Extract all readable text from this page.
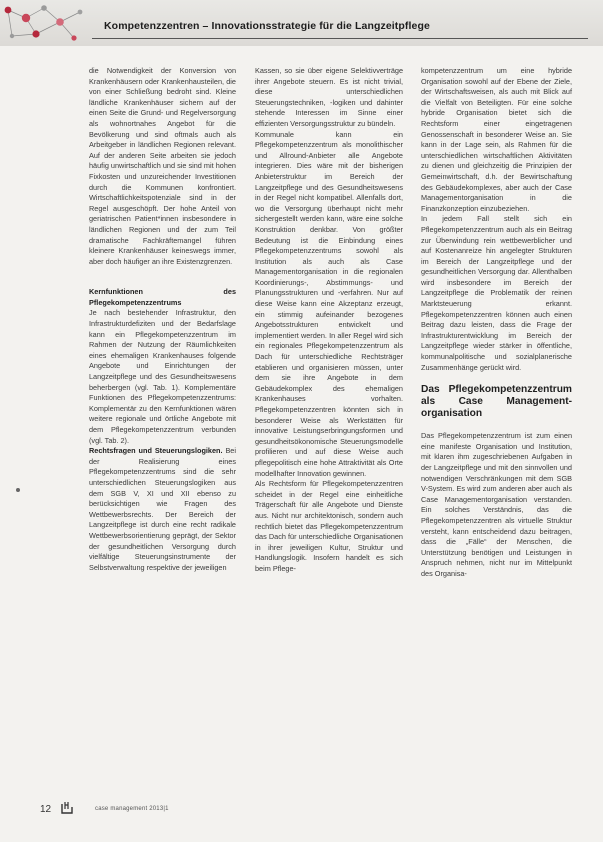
Kompetenzzentren – Innovationsstrategie für die Langzeitpflege

die Notwendigkeit der Konversion von Krankenhäusern oder Krankenhausteilen, die von einer Schließung bedroht sind. Kleine ländliche Krankenhäuser sichern auf der einen Seite die Grund- und Regelversorgung als wohnortnahes Angebot für die Bevölkerung und sind oftmals auch als Arbeitgeber in ländlichen Regionen relevant. Auf der anderen Seite arbeiten sie jedoch häufig unwirtschaftlich und sie sind mit hohen Fixkosten und unzureichender Investitionen durch die Kommunen konfrontiert. Wirtschaftlichkeitspotenziale sind in der Regel ausgeschöpft. Der hohe Anteil von geriatrischen Patient*innen insbesondere in ländlichen Regionen und der zum Teil dramatische Fachkräftemangel führen kleinere Krankenhäuser keineswegs immer, aber doch häufiger an ihre Existenzgrenzen.

Kernfunktionen des Pflegekompetenzzentrums

Je nach bestehender Infrastruktur, den Infrastrukturdefiziten und der Bedarfslage kann ein Pflegekompetenzzentrum im Rahmen der Nutzung der Räumlichkeiten eines ehemaligen Krankenhauses folgende Angebote und Einrichtungen der Langzeitpflege und des Gesundheitswesens beherbergen (vgl. Tab. 1). Komplementäre Funktionen des Pflegekompetenzzentrums: Komplementär zu den Kernfunktionen wären weitere regionale und örtliche Angebote mit dem Pflegekompetenzzentrum verbunden (vgl. Tab. 2).

Rechtsfragen und Steuerungslogiken. Bei der Realisierung eines Pflegekompetenzzentrums sind die sehr unterschiedlichen Steuerungslogiken aus dem SGB V, XI und XII ebenso zu berücksichtigen wie Fragen des Wettbewerbsrechts. Der Bereich der Langzeitpflege ist durch eine recht radikale Wettbewerbsorientierung geprägt, der Sektor der gesundheitlichen Versorgung durch vielfältige Steuerungsinstrumente der Selbstverwaltung respektive der jeweiligen

Kassen, so sie über eigene Selektivverträge ihrer Angebote steuern. Es ist nicht trivial, diese unterschiedlichen Steuerungstechniken, -logiken und dahinter stehende Interessen im Sinne einer effizienten Versorgungsstruktur zu bündeln.

Kommunale kann ein Pflegekompetenzzentrum als monolithischer und Allround-Anbieter alle Angebote integrieren. Dies wäre mit der bisherigen Anbieterstruktur im Bereich der Langzeitpflege und des Gesundheitswesens in der Regel nicht kompatibel. Allenfalls dort, wo die Versorgung überhaupt nicht mehr sichergestellt werden kann, wäre eine solche Konstruktion denkbar. Von größter Bedeutung ist die Einbindung eines Pflegekompetenzzentrums sowohl als Institution als auch als Case Managementorganisation in die regionalen Koordinierungs-, Abstimmungs- und Planungsstrukturen und -verfahren. Nur auf diese Weise kann eine Akzeptanz erzeugt, ein stimmig aufeinander bezogenes Angebotsstrukturen entwickelt und implementiert werden. In aller Regel wird sich ein regionales Pflegekompetenzzentrum als Dach für unterschiedliche Rechtsträger etablieren und organisieren müssen, unter dem sie ihre Angebote in dem Gebäudekomplex des ehemaligen Krankenhauses vorhalten. Pflegekompetenzzentren könnten sich in besonderer Weise als Werkstätten für innovative Leistungserbringungsformen und gesundheitsökonomische Steuerungsmodelle profilieren und auf diese Weise auch pflegepolitisch eine hohe Attraktivität als Orte modellhafter Innovation gewinnen.

Als Rechtsform für Pflegekompetenzzentren scheidet in der Regel eine einheitliche Trägerschaft für alle Angebote und Dienste aus. Nicht nur architektonisch, sondern auch rechtlich bietet das Pflegekompetenzzentrum das Dach für unterschiedliche Organisationen in ihrer jeweiligen Kultur, Struktur und Handlungslogik. Insofern handelt es sich beim Pflege-

kompetenzzentrum um eine hybride Organisation sowohl auf der Ebene der Ziele, der Wirtschaftsweisen, als auch mit Blick auf die Vielfalt von Beteiligten. Für eine solche hybride Organisation bietet sich die Rechtsform einer eingetragenen Genossenschaft in besonderer Weise an. Sie kann in der Lage sein, als Rahmen für die unterschiedlichen wirtschaftlichen Aktivitäten zu dienen und gleichzeitig die Prinzipien der Gemeinwirtschaft, d.h. der Bewirtschaftung des Gebäudekomplexes, aber auch der Case Managementorganisation in die Finanzkonzeption einzubeziehen.

In jedem Fall stellt sich ein Pflegekompetenzzentrum auch als ein Beitrag zur Überwindung rein wettbewerblicher und auf Kostenanreize hin angelegter Strukturen im Bereich der Langzeitpflege und der gesundheitlichen Versorgung dar. Allenthalben wird insbesondere im Bereich der Langzeitpflege die Problematik der reinen Marktsteuerung erkannt. Pflegekompetenzzentren können auch einen Beitrag dazu leisten, dass die Frage der Infrastrukturentwicklung im Bereich der Langzeitpflege wieder stärker in öffentliche, kommunalpolitische und sozialplanerische Zusammenhänge gerückt wird.

Das Pflegekompetenzzentrum als Case Management-organisation

Das Pflegekompetenzzentrum ist zum einen eine manifeste Organisation und Institution, mit klaren ihm zugeschriebenen Aufgaben in der Langzeitpflege und mit den sinnvollen und notwendigen Verschränkungen mit dem SGB V-System. Es wird zum anderen aber auch als Case Managementorganisation verstanden. Ein solches Verständnis, das die Pflegekompetenzzentren als virtuelle Struktur versteht, kann entscheidend dazu beitragen, dass die „Fälle“ der Menschen, die Unterstützung benötigen und Leistungen in Anspruch nehmen, nicht nur im Mittelpunkt des Organisa-

12	case management 2013|1
